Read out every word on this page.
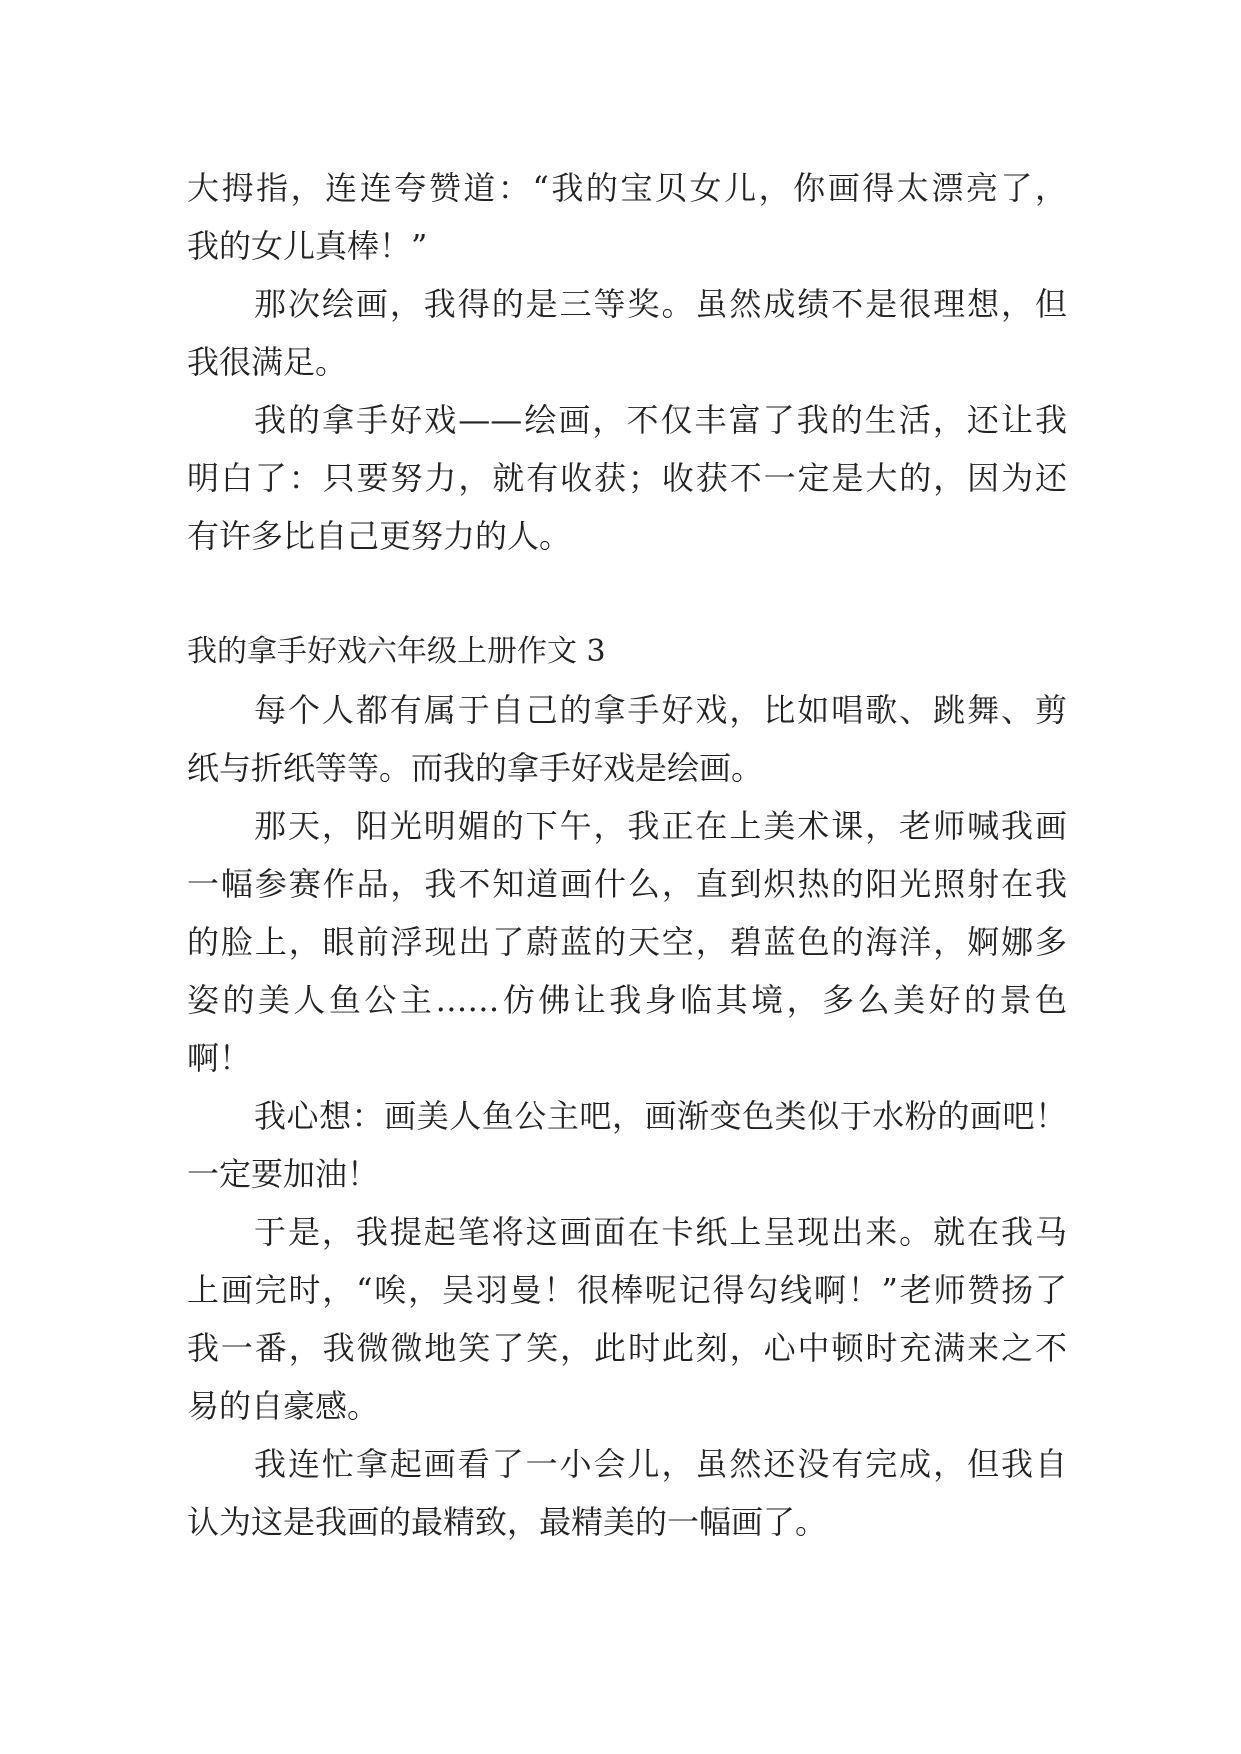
大拇指，连连夸赞道：“我的宝贝女儿，你画得太漂亮了，
我的女儿真棒！”
那次绘画，我得的是三等奖。虽然成绩不是很理想，但
我很满足。
我的拿手好戏——绘画，不仅丰富了我的生活，还让我
明白了：只要努力，就有收获；收获不一定是大的，因为还
有许多比自己更努力的人。
我的拿手好戏六年级上册作文 3
每个人都有属于自己的拿手好戏，比如唱歌、跳舞、剪
纸与折纸等等。而我的拿手好戏是绘画。
那天，阳光明媚的下午，我正在上美术课，老师喊我画
一幅参赛作品，我不知道画什么，直到炽热的阳光照射在我
的脸上，眼前浮现出了蔚蓝的天空，碧蓝色的海洋，婀娜多
姿的美人鱼公主……仿佛让我身临其境，多么美好的景色
啊！
我心想：画美人鱼公主吧，画渐变色类似于水粉的画吧！
一定要加油！
于是，我提起笔将这画面在卡纸上呈现出来。就在我马
上画完时，“唉，吴羽曼！很棒呢记得勾线啊！”老师赞扬了
我一番，我微微地笑了笑，此时此刻，心中顿时充满来之不
易的自豪感。
我连忙拿起画看了一小会儿，虽然还没有完成，但我自
认为这是我画的最精致，最精美的一幅画了。
